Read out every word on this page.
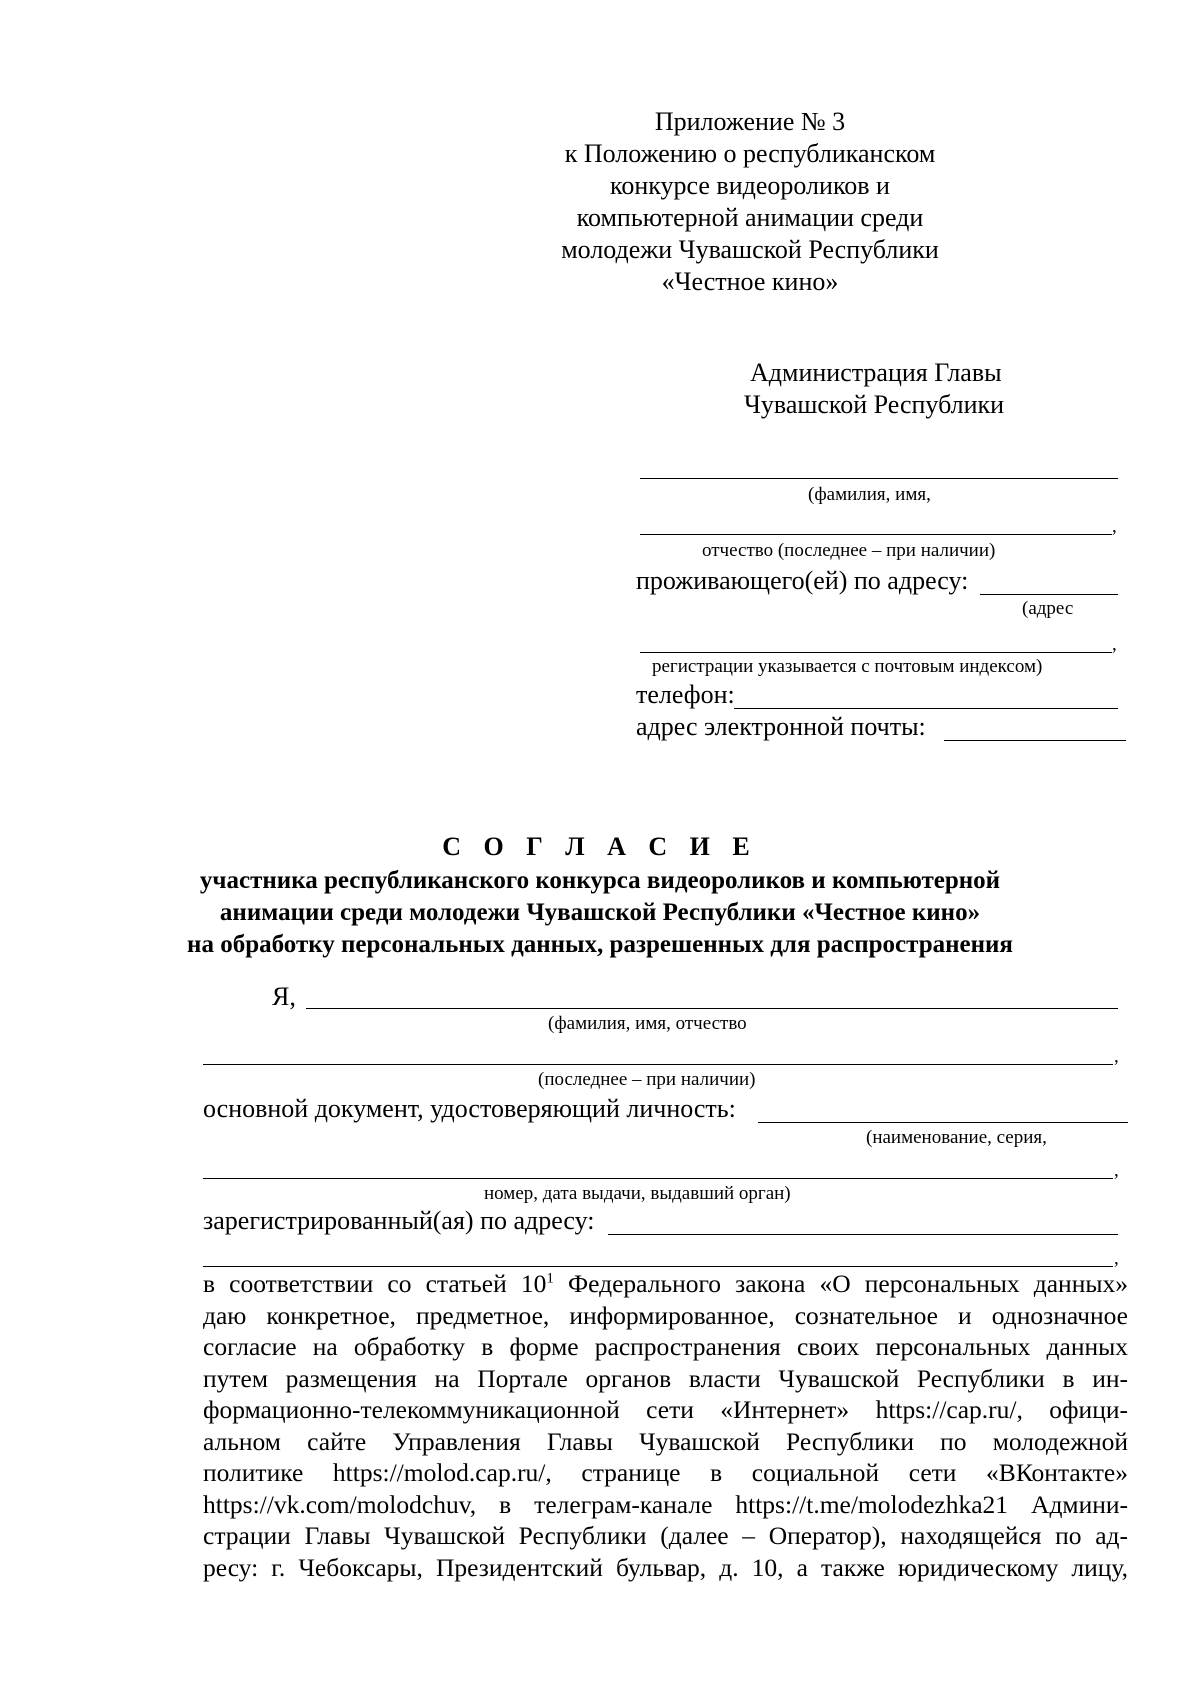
Приложение № 3
к Положению о республиканском
конкурсе видеороликов и
компьютерной анимации среди
молодежи Чувашской Республики
«Честное кино»
Администрация Главы
Чувашской Республики
(фамилия, имя,
,
отчество (последнее – при наличии)
проживающего(ей) по адресу:
(адрес
,
регистрации указывается с почтовым индексом)
телефон:
адрес электронной почты:
С О Г Л А С И Е
участника республиканского конкурса видеороликов и компьютерной
анимации среди молодежи Чувашской Республики «Честное кино»
на обработку персональных данных, разрешенных для распространения
Я,
(фамилия, имя, отчество
,
(последнее – при наличии)
основной документ, удостоверяющий личность:
(наименование, серия,
,
номер, дата выдачи, выдавший орган)
зарегистрированный(ая) по адресу:
,
в соответствии со статьей $10^1$ Федерального закона «О персональных данных»
даю конкретное, предметное, информированное, сознательное и однозначное
согласие на обработку в форме распространения своих персональных данных
путем размещения на Портале органов власти Чувашской Республики в ин-
формационно-телекоммуникационной сети «Интернет» https://cap.ru/, офици-
альном сайте Управления Главы Чувашской Республики по молодежной
политике https://molod.cap.ru/, странице в социальной сети «ВКонтакте»
https://vk.com/molodchuv, в телеграм-канале https://t.me/molodezhka21 Админи-
страции Главы Чувашской Республики (далее – Оператор), находящейся по ад-
ресу: г. Чебоксары, Президентский бульвар, д. 10, а также юридическому лицу,
